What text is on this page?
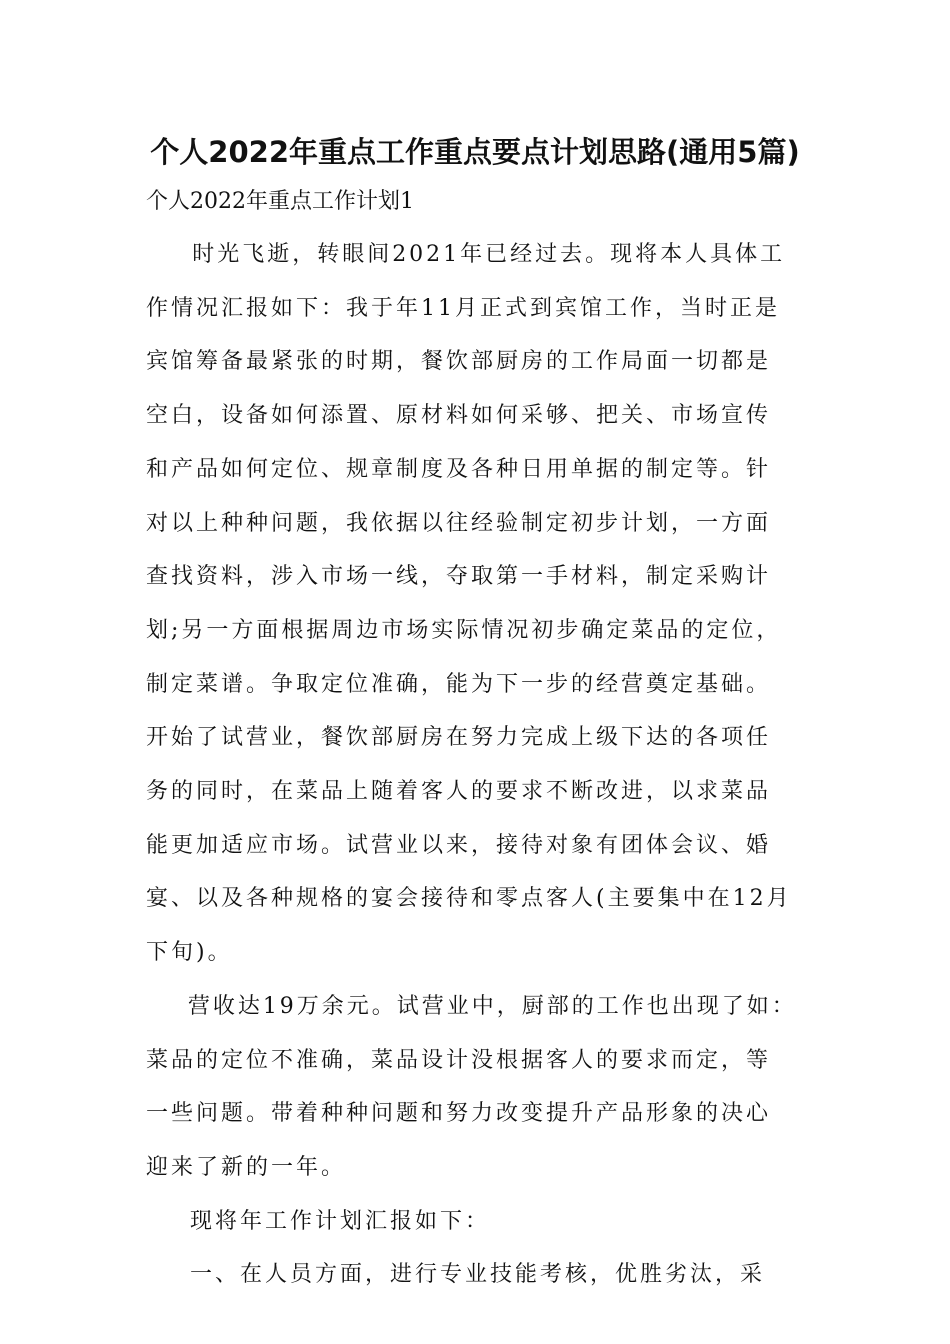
个人2022年重点工作重点要点计划思路(通用5篇)
个人2022年重点工作计划1

时光飞逝，转眼间2021年已经过去。现将本人具体工
作情况汇报如下：我于年11月正式到宾馆工作，当时正是
宾馆筹备最紧张的时期，餐饮部厨房的工作局面一切都是
空白，设备如何添置、原材料如何采够、把关、市场宣传
和产品如何定位、规章制度及各种日用单据的制定等。针
对以上种种问题，我依据以往经验制定初步计划，一方面
查找资料，涉入市场一线，夺取第一手材料，制定采购计
划;另一方面根据周边市场实际情况初步确定菜品的定位，
制定菜谱。争取定位准确，能为下一步的经营奠定基础。
开始了试营业，餐饮部厨房在努力完成上级下达的各项任
务的同时，在菜品上随着客人的要求不断改进，以求菜品
能更加适应市场。试营业以来，接待对象有团体会议、婚
宴、以及各种规格的宴会接待和零点客人(主要集中在12月
下旬)。

营收达19万余元。试营业中，厨部的工作也出现了如：
菜品的定位不准确，菜品设计没根据客人的要求而定，等
一些问题。带着种种问题和努力改变提升产品形象的决心
迎来了新的一年。

现将年工作计划汇报如下：

一、在人员方面，进行专业技能考核，优胜劣汰，采
